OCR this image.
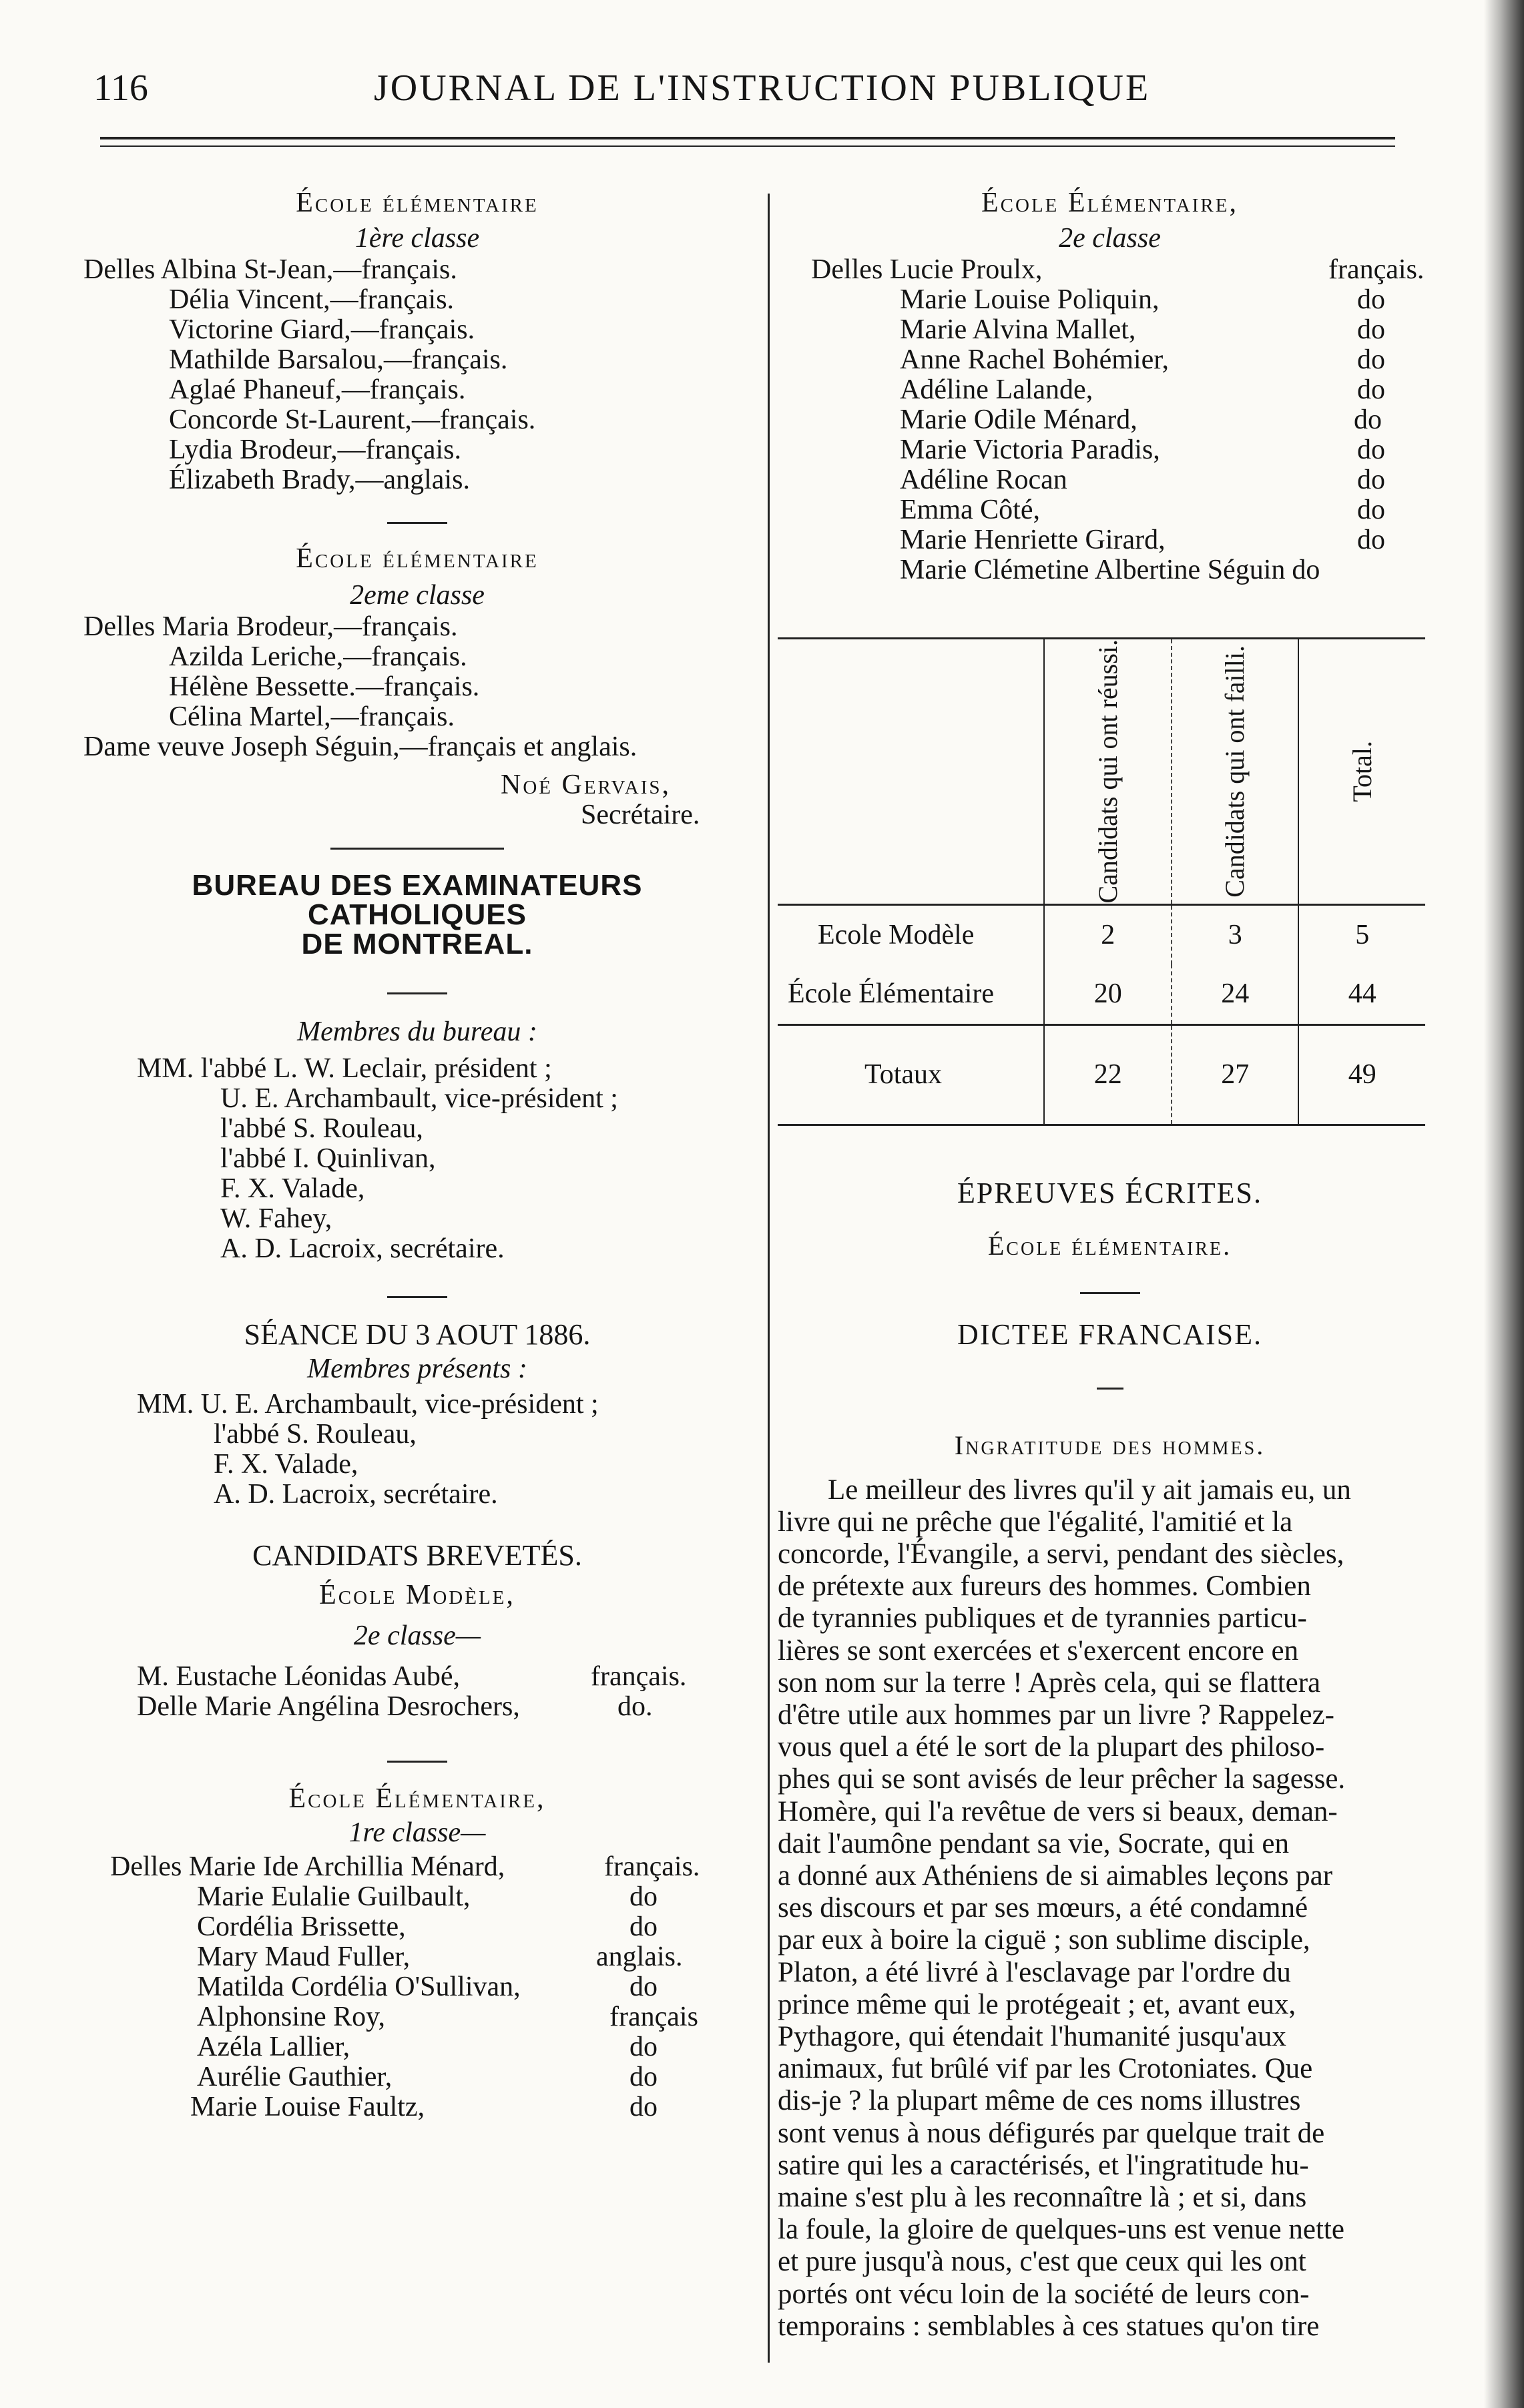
116	JOURNAL DE L'INSTRUCTION PUBLIQUE
École élémentaire
1ère classe
Delles Albina St-Jean,—français.
Délia Vincent,—français.
Victorine Giard,—français.
Mathilde Barsalou,—français.
Aglaé Phaneuf,—français.
Concorde St-Laurent,—français.
Lydia Brodeur,—français.
Élizabeth Brady,—anglais.
École élémentaire
2eme classe
Delles Maria Brodeur,—français.
Azilda Leriche,—français.
Hélène Bessette.—français.
Célina Martel,—français.
Dame veuve Joseph Séguin,—français et anglais.
Noé Gervais,
Secrétaire.
BUREAU DES EXAMINATEURS CATHOLIQUES
DE MONTREAL.
Membres du bureau :
MM. l'abbé L. W. Leclair, président ;
U. E. Archambault, vice-président ;
l'abbé S. Rouleau,
l'abbé I. Quinlivan,
F. X. Valade,
W. Fahey,
A. D. Lacroix, secrétaire.
SÉANCE DU 3 AOUT 1886.
Membres présents :
MM. U. E. Archambault, vice-président ;
l'abbé S. Rouleau,
F. X. Valade,
A. D. Lacroix, secrétaire.
CANDIDATS BREVETÉS.
École Modèle,
2e classe—
M. Eustache Léonidas Aubé,	français.
Delle Marie Angélina Desrochers,	do.
École Élémentaire,
1re classe—
Delles Marie Ide Archillia Ménard,	français.
Marie Eulalie Guilbault,	do
Cordélia Brissette,	do
Mary Maud Fuller,	anglais.
Matilda Cordélia O'Sullivan,	do
Alphonsine Roy,	français
Azéla Lallier,	do
Aurélie Gauthier,	do
Marie Louise Faultz,	do
École Élémentaire,
2e classe
Delles Lucie Proulx,	français.
Marie Louise Poliquin,	do
Marie Alvina Mallet,	do
Anne Rachel Bohémier,	do
Adéline Lalande,	do
Marie Odile Ménard,	do
Marie Victoria Paradis,	do
Adéline Rocan	do
Emma Côté,	do
Marie Henriette Girard,	do
Marie Clémetine Albertine Séguin do

	Candidats qui ont réussi.	Candidats qui ont failli.	Total.

Ecole Modèle	2	3	5
École Élémentaire	20	24	44
Totaux	22	27	49
ÉPREUVES ÉCRITES.
École élémentaire.
DICTEE FRANCAISE.
Ingratitude des hommes.
Le meilleur des livres qu'il y ait jamais eu, un
livre qui ne prêche que l'égalité, l'amitié et la
concorde, l'Évangile, a servi, pendant des siècles,
de prétexte aux fureurs des hommes. Combien
de tyrannies publiques et de tyrannies particu-
lières se sont exercées et s'exercent encore en
son nom sur la terre ! Après cela, qui se flattera
d'être utile aux hommes par un livre ? Rappelez-
vous quel a été le sort de la plupart des philoso-
phes qui se sont avisés de leur prêcher la sagesse.
Homère, qui l'a revêtue de vers si beaux, deman-
dait l'aumône pendant sa vie, Socrate, qui en
a donné aux Athéniens de si aimables leçons par
ses discours et par ses mœurs, a été condamné
par eux à boire la ciguë ; son sublime disciple,
Platon, a été livré à l'esclavage par l'ordre du
prince même qui le protégeait ; et, avant eux,
Pythagore, qui étendait l'humanité jusqu'aux
animaux, fut brûlé vif par les Crotoniates. Que
dis-je ? la plupart même de ces noms illustres
sont venus à nous défigurés par quelque trait de
satire qui les a caractérisés, et l'ingratitude hu-
maine s'est plu à les reconnaître là ; et si, dans
la foule, la gloire de quelques-uns est venue nette
et pure jusqu'à nous, c'est que ceux qui les ont
portés ont vécu loin de la société de leurs con-
temporains : semblables à ces statues qu'on tire
